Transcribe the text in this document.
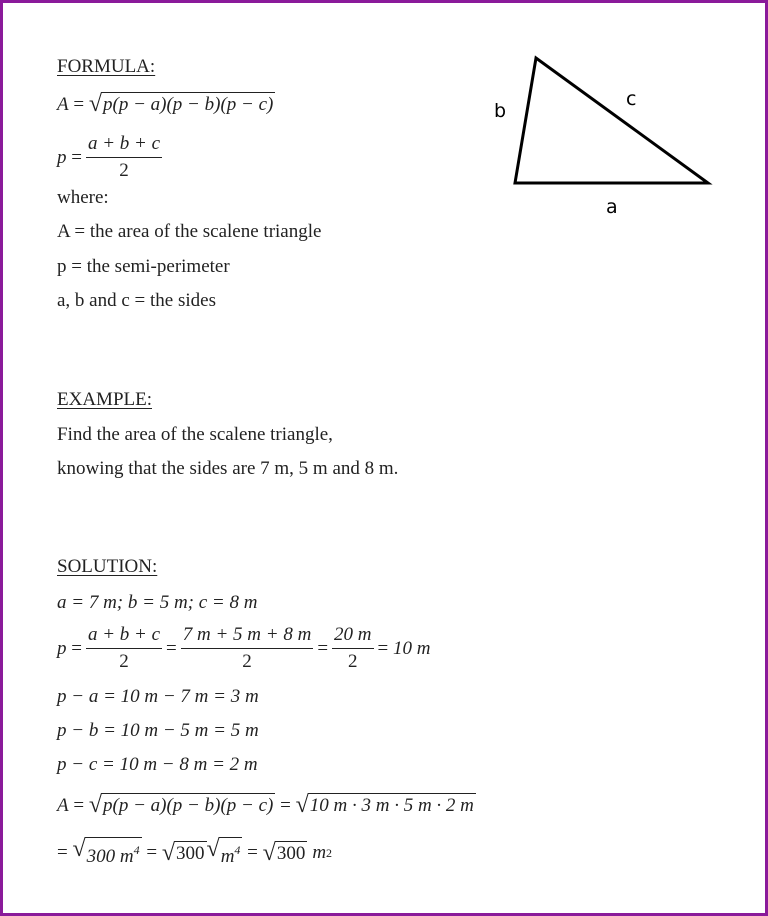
FORMULA:
A = √ p(p − a)(p − b)(p − c)
$p = \frac{a + b + c}{2}$
where:
A = the area of the scalene triangle
p = the semi-perimeter
a, b and c = the sides
b
c
a
EXAMPLE:
Find the area of the scalene triangle,
knowing that the sides are 7 m, 5 m and 8 m.
SOLUTION:
a = 7 m; b = 5 m; c = 8 m
$p = \frac{a + b + c}{2} = \frac{7 m + 5 m + 8 m}{2} = \frac{20 m}{2} = 10$ m
p − a = 10 m − 7 m = 3 m
p − b = 10 m − 5 m = 5 m
p − c = 10 m − 8 m = 2 m
A = √ p(p − a)(p − b)(p − c) = √ 10 m · 3 m · 5 m · 2 m
= √ 300 $m^4$ = √ 300 √ $m^4$ = √ 300 m 2
